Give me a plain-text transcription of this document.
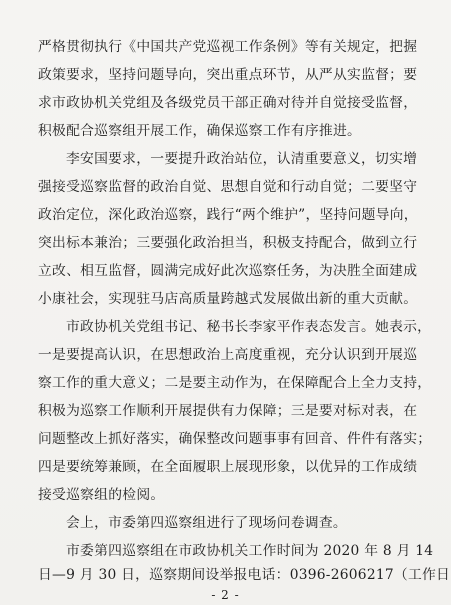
严格贯彻执行《中国共产党巡视工作条例》等有关规定，把握
政策要求，坚持问题导向，突出重点环节，从严从实监督；要
求市政协机关党组及各级党员干部正确对待并自觉接受监督，
积极配合巡察组开展工作，确保巡察工作有序推进。
李安国要求，一要提升政治站位，认清重要意义，切实增
强接受巡察监督的政治自觉、思想自觉和行动自觉；二要坚守
政治定位，深化政治巡察，践行“两个维护”，坚持问题导向，
突出标本兼治；三要强化政治担当，积极支持配合，做到立行
立改、相互监督，圆满完成好此次巡察任务，为决胜全面建成
小康社会，实现驻马店高质量跨越式发展做出新的重大贡献。
市政协机关党组书记、秘书长李家平作表态发言。她表示，
一是要提高认识，在思想政治上高度重视，充分认识到开展巡
察工作的重大意义；二是要主动作为，在保障配合上全力支持，
积极为巡察工作顺利开展提供有力保障；三是要对标对表，在
问题整改上抓好落实，确保整改问题事事有回音、件件有落实；
四是要统筹兼顾，在全面履职上展现形象，以优异的工作成绩
接受巡察组的检阅。
会上，市委第四巡察组进行了现场问卷调查。
市委第四巡察组在市政协机关工作时间为 2020 年 8 月 14
日—9 月 30 日，巡察期间设举报电话：0396-2606217（工作日
- 2 -
